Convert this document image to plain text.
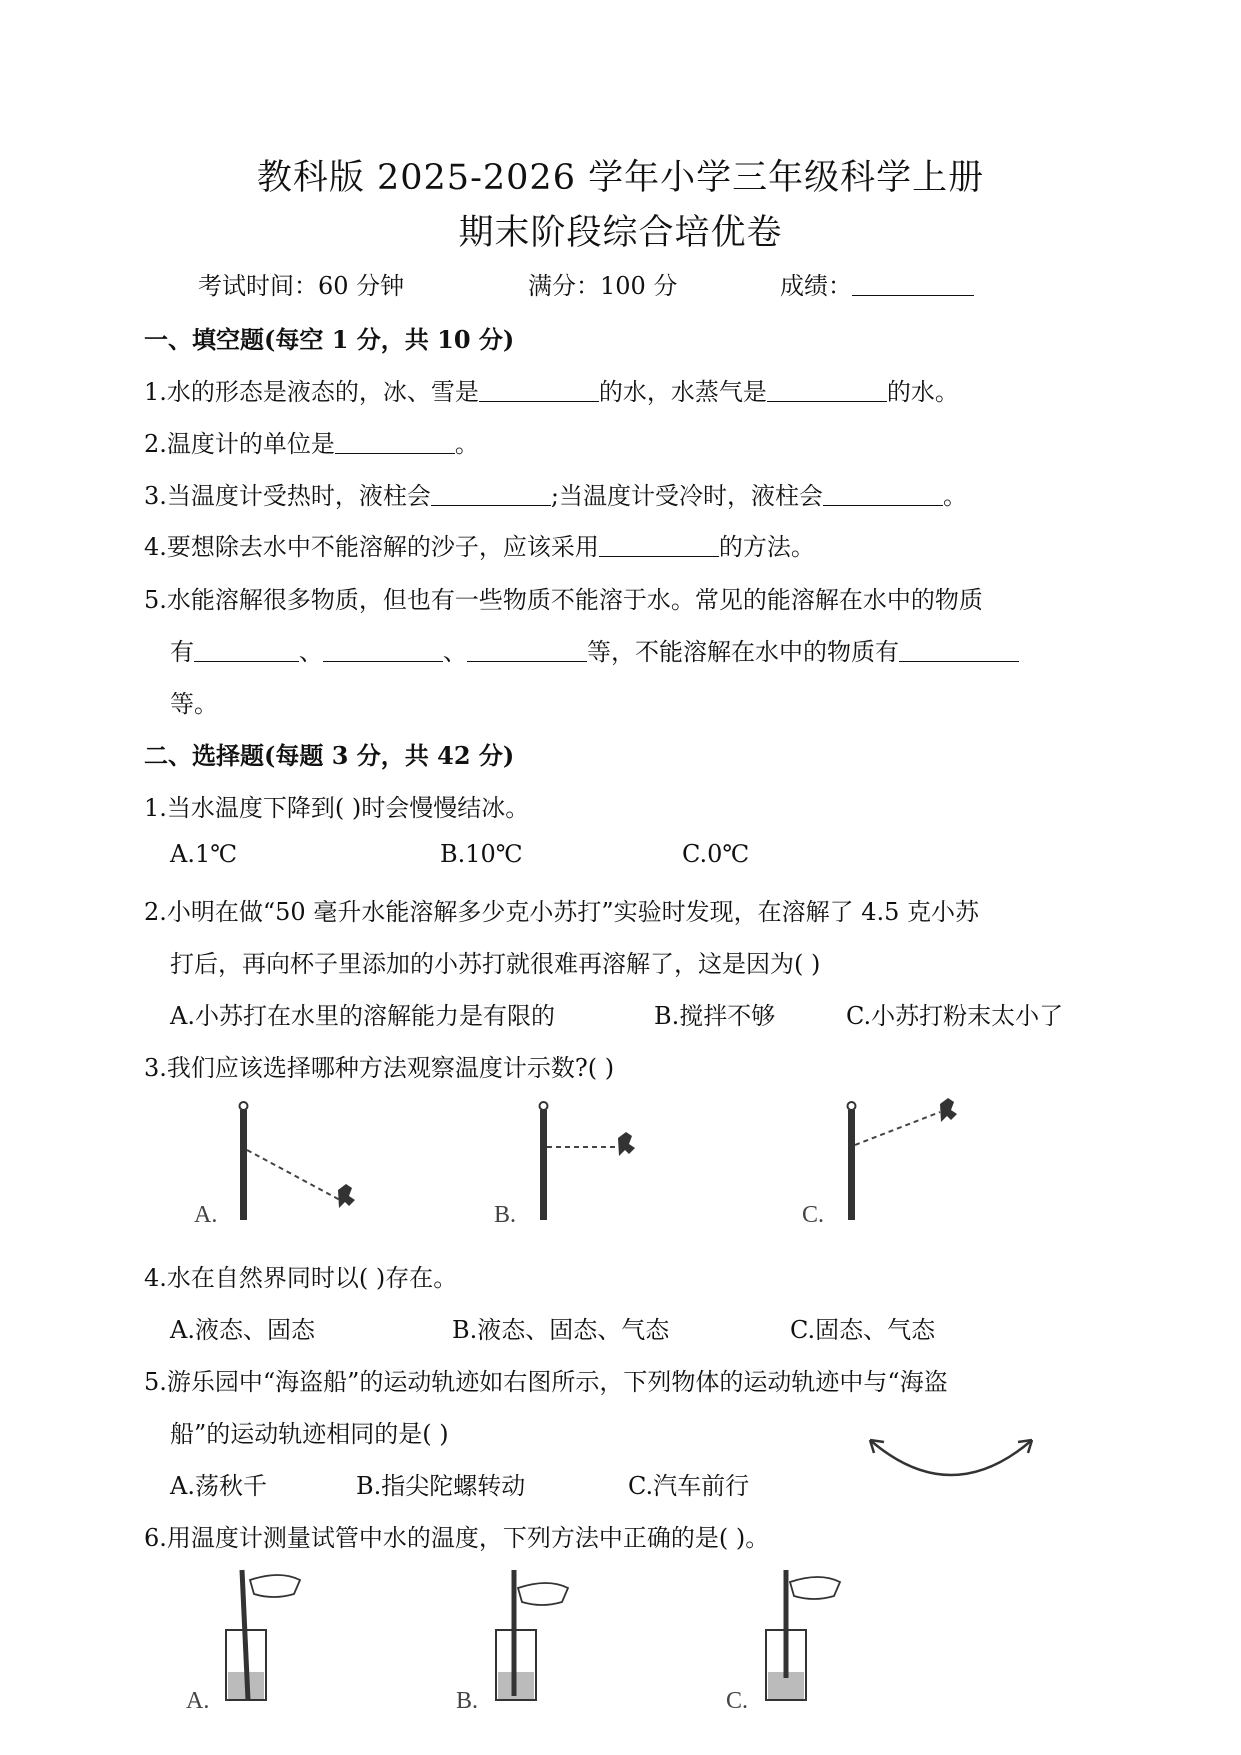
教科版 2025-2026 学年小学三年级科学上册
期末阶段综合培优卷
考试时间：60 分钟	满分：100 分	成绩：
一、填空题(每空 1 分，共 10 分)
1.水的形态是液态的，冰、雪是	的水，水蒸气是	的水。
2.温度计的单位是	。
3.当温度计受热时，液柱会	;当温度计受冷时，液柱会	。
4.要想除去水中不能溶解的沙子，应该采用	的方法。
5.水能溶解很多物质，但也有一些物质不能溶于水。常见的能溶解在水中的物质
有	、	、	等，不能溶解在水中的物质有
等。
二、选择题(每题 3 分，共 42 分)
1.当水温度下降到( )时会慢慢结冰。
A.1℃	B.10℃	C.0℃
2.小明在做“50 毫升水能溶解多少克小苏打”实验时发现，在溶解了 4.5 克小苏
打后，再向杯子里添加的小苏打就很难再溶解了，这是因为( )
A.小苏打在水里的溶解能力是有限的	B.搅拌不够	C.小苏打粉末太小了
3.我们应该选择哪种方法观察温度计示数?( )
A.	B.	C.
4.水在自然界同时以( )存在。
A.液态、固态	B.液态、固态、气态	C.固态、气态
5.游乐园中“海盗船”的运动轨迹如右图所示，下列物体的运动轨迹中与“海盗
船”的运动轨迹相同的是( )
A.荡秋千	B.指尖陀螺转动	C.汽车前行
6.用温度计测量试管中水的温度，下列方法中正确的是( )。
A.	B.	C.
